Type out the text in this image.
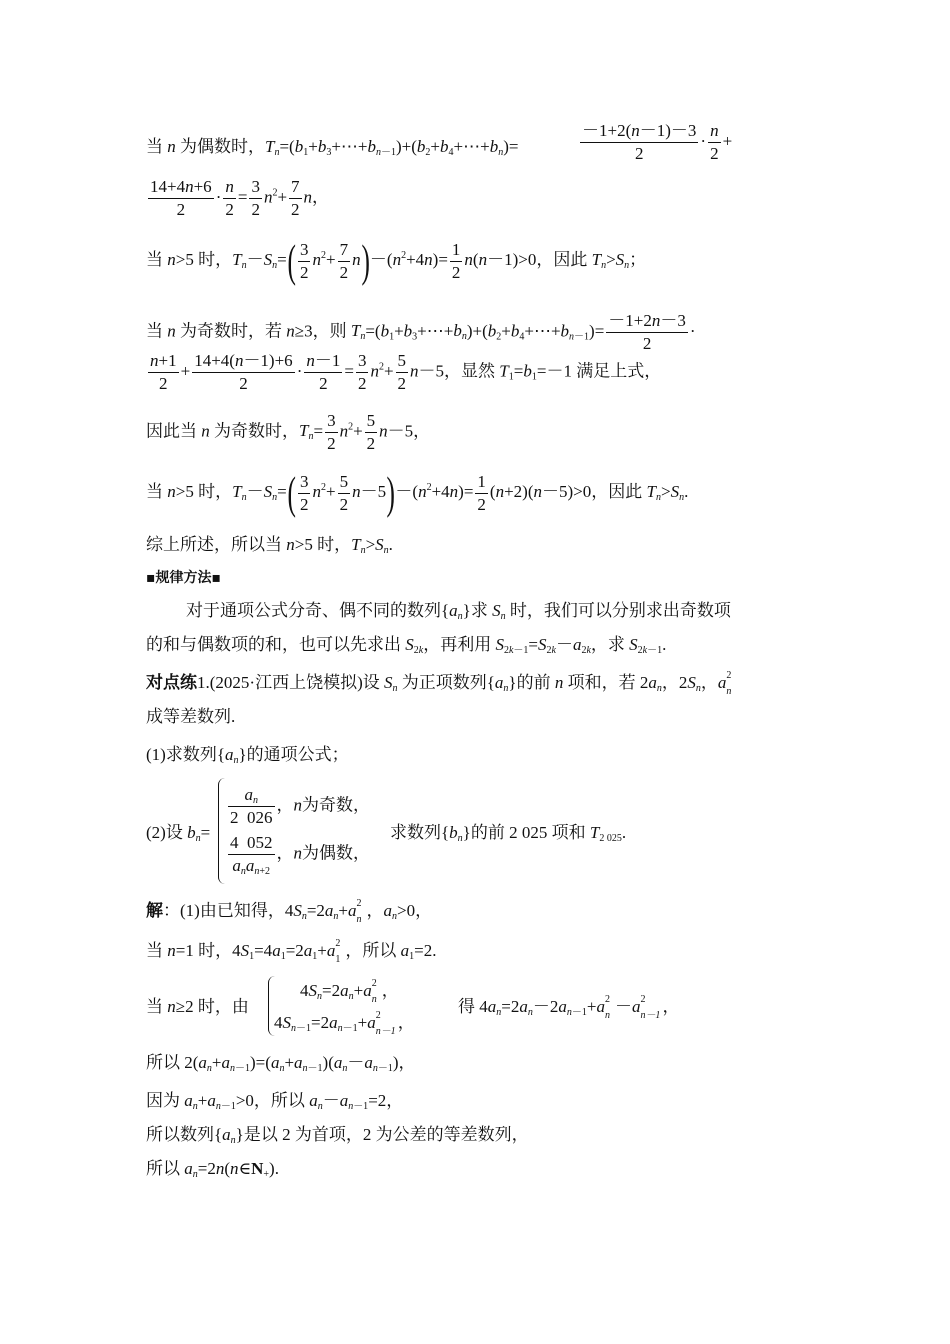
当 n 为偶数时，$T_n=(b_1+b_3+\cdots+b_{n-1})+(b_2+b_4+\cdots+b_n)=$	$\frac{-1+2(n-1)-3}{2} \cdot \frac{n}{2}$ +
$\frac{14+4n+6}{2} \cdot \frac{n}{2} = \frac{3}{2} n^2+ \frac{7}{2}$ n，
当 n>5 时，$T_n-S_n=( \frac{3}{2} n^2+ \frac{7}{2} n)-(n^2+4n)= \frac{1}{2} n(n-1)>0$，因此 $T_n>S_n$；
当 n 为奇数时，若 n≥3，则 $T_n=(b_1+b_3+\cdots+b_n)+(b_2+b_4+\cdots+b_{n-1})= \frac{-1+2n-3}{2}$ ·
$\frac{n+1}{2} + \frac{14+4(n-1)+6}{2} \cdot \frac{n-1}{2} = \frac{3}{2} n^2+ \frac{5}{2} n-5$，显然 $T_1=b_1=-1$ 满足上式，
因此当 n 为奇数时，$T_n= \frac{3}{2} n^2+ \frac{5}{2} n-5$，
当 n>5 时，$T_n-S_n=( \frac{3}{2} n^2+ \frac{5}{2} n-5)-(n^2+4n)= \frac{1}{2} (n+2)(n-5)>0$，因此 $T_n>S_n$.
综上所述，所以当 n>5 时，$T_n>S_n$.
▪规律方法▪
对于通项公式分奇、偶不同的数列$\{a_n\}$求 $S_n$ 时，我们可以分别求出奇数项
的和与偶数项的和，也可以先求出 $S_{2k}$，再利用 $S_{2k-1}=S_{2k}-a_{2k}$，求 $S_{2k-1}$.
对点练1.(2025·江西上饶模拟)设 $S_n$ 为正项数列$\{a_n\}$的前 n 项和，若 $2a_n$，$2S_n$，a 2
n
成等差数列.
(1)求数列$\{a_n\}$的通项公式；
(2)设 $b_n=$
$\frac{a_n}{2 026}$ ，n为奇数，
$\frac{4 052}{a_na_{n+2}}$ ，n为偶数，
求数列$\{b_n\}$的前 2 025 项和 $T_{2 025}$.
解：(1)由已知得，$4S_n=2a_n+a$ 2
n ，$a_n>0$，
当 n=1 时，$4S_1=4a_1=2a_1+a$ 2
1 ，所以 $a_1=2$.
当 n≥2 时，由
$4S_n=2a_n+a$ 2
n ，
$4S_{n-1}=2a_{n-1}+a$ 2
n－1 ，
得 $4a_n=2a_n-2a_{n-1}+a$ 2
n －a 2
n－1 ，
所以 $2(a_n+a_{n-1})=(a_n+a_{n-1})(a_n-a_{n-1})$，
因为 $a_n+a_{n-1}>0$，所以 $a_n-a_{n-1}=2$，
所以数列$\{a_n\}$是以 2 为首项，2 为公差的等差数列，
所以 $a_n=2n(n\in N_+)$.
